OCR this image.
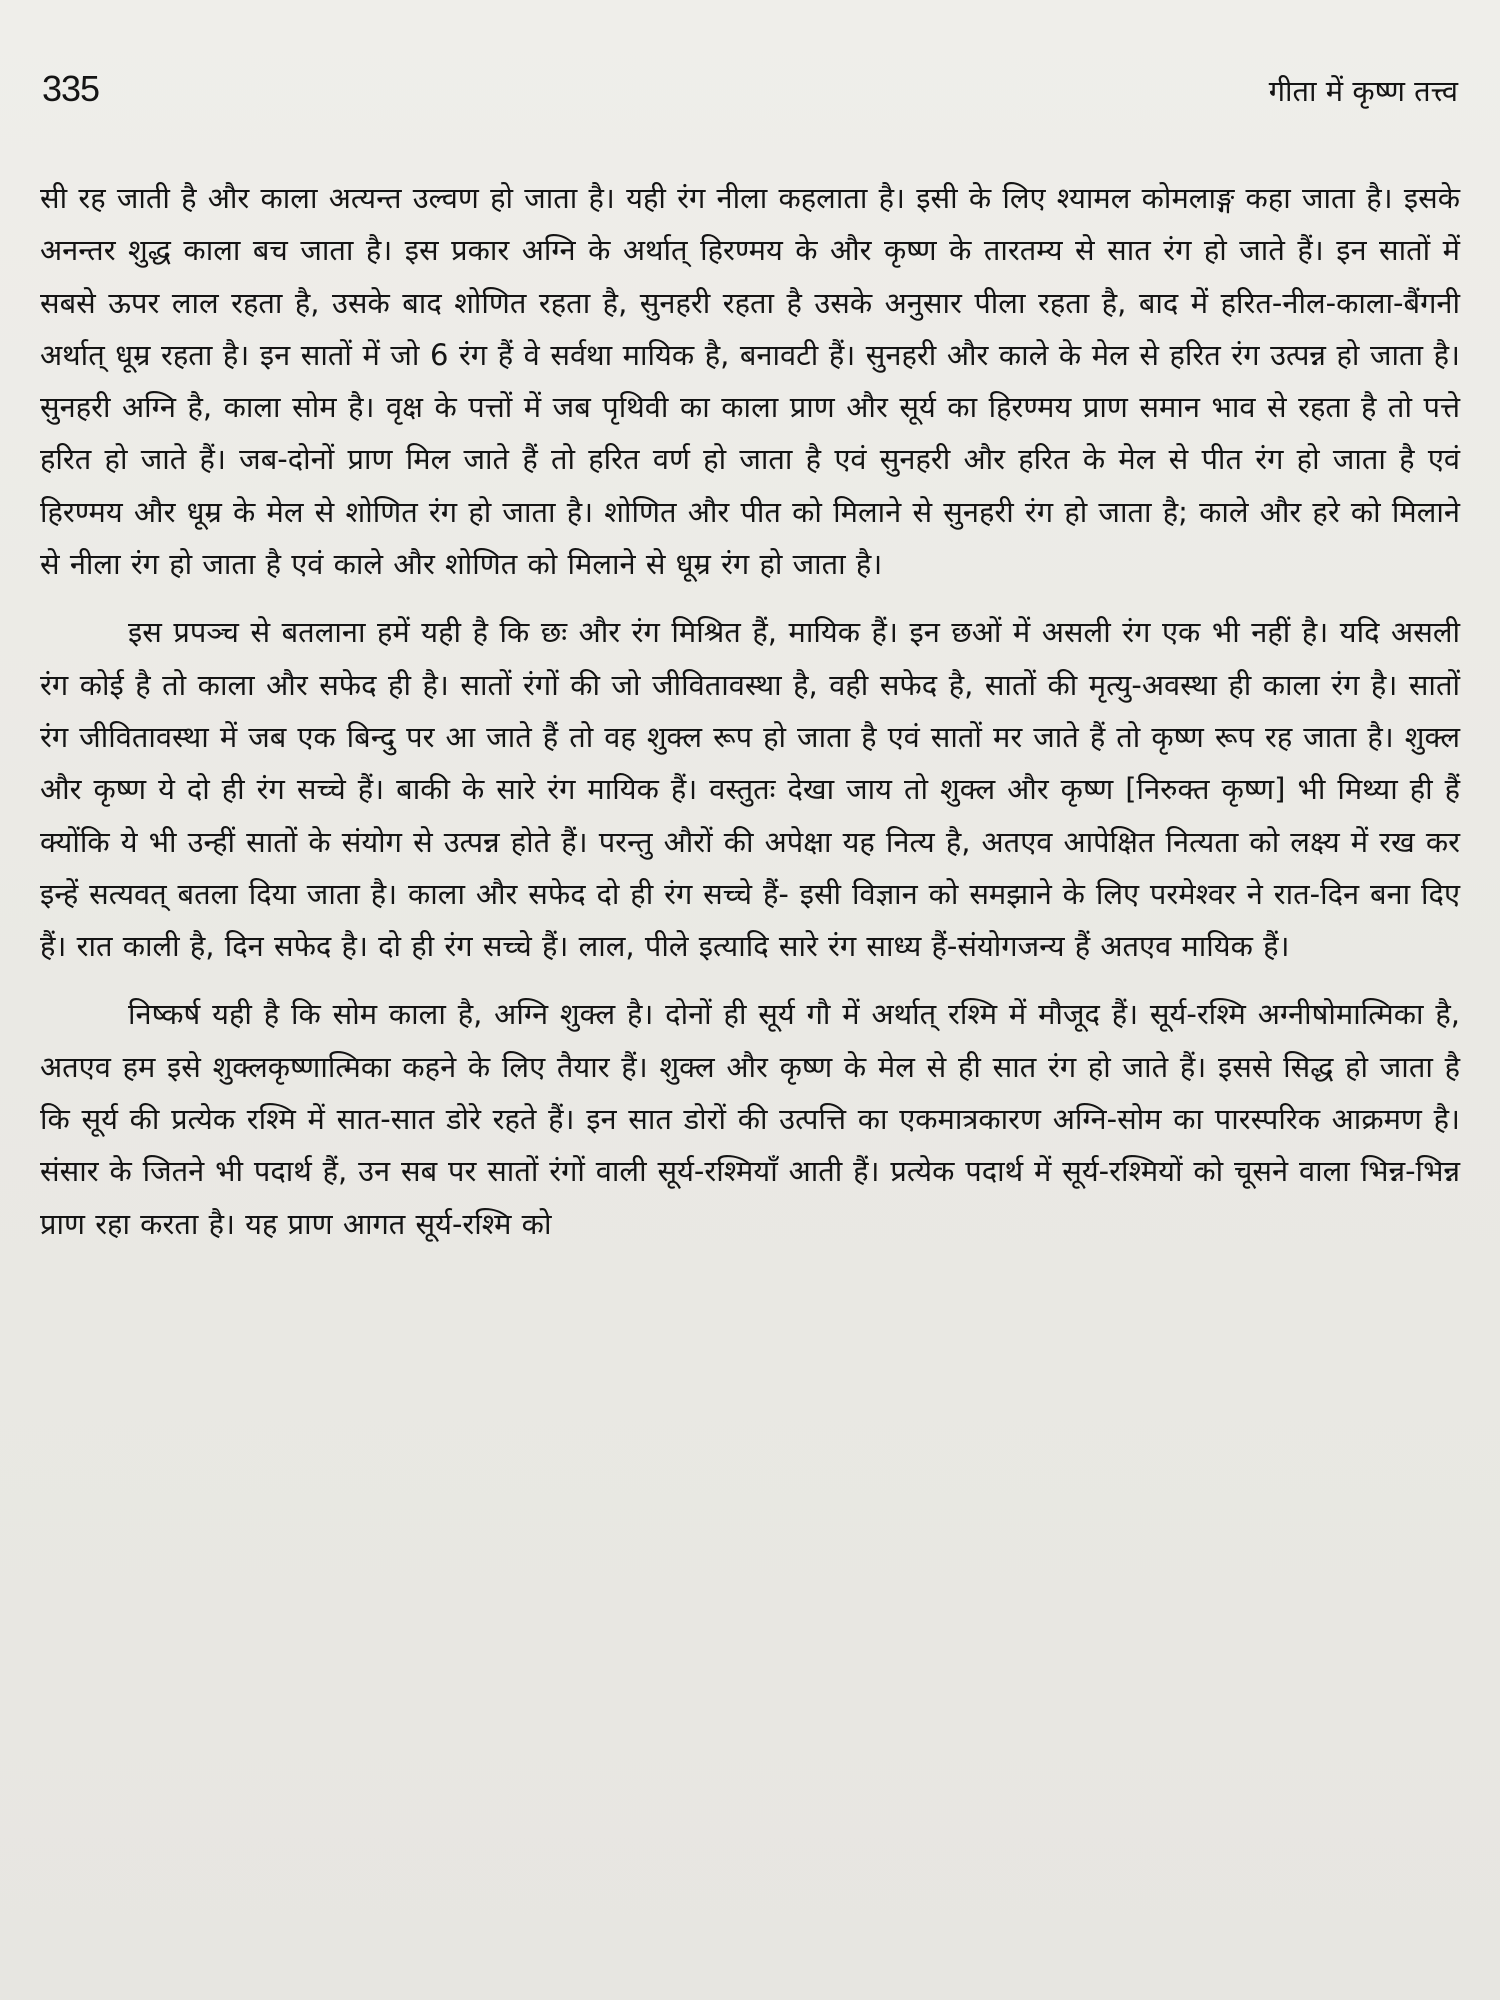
335	गीता में कृष्ण तत्त्व

सी रह जाती है और काला अत्यन्त उल्वण हो जाता है। यही रंग नीला कहलाता है। इसी के लिए श्यामल कोमलाङ्ग कहा जाता है। इसके अनन्तर शुद्ध काला बच जाता है। इस प्रकार अग्नि के अर्थात् हिरण्मय के और कृष्ण के तारतम्य से सात रंग हो जाते हैं। इन सातों में सबसे ऊपर लाल रहता है, उसके बाद शोणित रहता है, सुनहरी रहता है उसके अनुसार पीला रहता है, बाद में हरित-नील-काला-बैंगनी अर्थात् धूम्र रहता है। इन सातों में जो 6 रंग हैं वे सर्वथा मायिक है, बनावटी हैं। सुनहरी और काले के मेल से हरित रंग उत्पन्न हो जाता है। सुनहरी अग्नि है, काला सोम है। वृक्ष के पत्तों में जब पृथिवी का काला प्राण और सूर्य का हिरण्मय प्राण समान भाव से रहता है तो पत्ते हरित हो जाते हैं। जब-दोनों प्राण मिल जाते हैं तो हरित वर्ण हो जाता है एवं सुनहरी और हरित के मेल से पीत रंग हो जाता है एवं हिरण्मय और धूम्र के मेल से शोणित रंग हो जाता है। शोणित और पीत को मिलाने से सुनहरी रंग हो जाता है; काले और हरे को मिलाने से नीला रंग हो जाता है एवं काले और शोणित को मिलाने से धूम्र रंग हो जाता है।

इस प्रपञ्च से बतलाना हमें यही है कि छः और रंग मिश्रित हैं, मायिक हैं। इन छओं में असली रंग एक भी नहीं है। यदि असली रंग कोई है तो काला और सफेद ही है। सातों रंगों की जो जीवितावस्था है, वही सफेद है, सातों की मृत्यु-अवस्था ही काला रंग है। सातों रंग जीवितावस्था में जब एक बिन्दु पर आ जाते हैं तो वह शुक्ल रूप हो जाता है एवं सातों मर जाते हैं तो कृष्ण रूप रह जाता है। शुक्ल और कृष्ण ये दो ही रंग सच्चे हैं। बाकी के सारे रंग मायिक हैं। वस्तुतः देखा जाय तो शुक्ल और कृष्ण [निरुक्त कृष्ण] भी मिथ्या ही हैं क्योंकि ये भी उन्हीं सातों के संयोग से उत्पन्न होते हैं। परन्तु औरों की अपेक्षा यह नित्य है, अतएव आपेक्षित नित्यता को लक्ष्य में रख कर इन्हें सत्यवत् बतला दिया जाता है। काला और सफेद दो ही रंग सच्चे हैं- इसी विज्ञान को समझाने के लिए परमेश्वर ने रात-दिन बना दिए हैं। रात काली है, दिन सफेद है। दो ही रंग सच्चे हैं। लाल, पीले इत्यादि सारे रंग साध्य हैं-संयोगजन्य हैं अतएव मायिक हैं।

निष्कर्ष यही है कि सोम काला है, अग्नि शुक्ल है। दोनों ही सूर्य गौ में अर्थात् रश्मि में मौजूद हैं। सूर्य-रश्मि अग्नीषोमात्मिका है, अतएव हम इसे शुक्लकृष्णात्मिका कहने के लिए तैयार हैं। शुक्ल और कृष्ण के मेल से ही सात रंग हो जाते हैं। इससे सिद्ध हो जाता है कि सूर्य की प्रत्येक रश्मि में सात-सात डोरे रहते हैं। इन सात डोरों की उत्पत्ति का एकमात्रकारण अग्नि-सोम का पारस्परिक आक्रमण है। संसार के जितने भी पदार्थ हैं, उन सब पर सातों रंगों वाली सूर्य-रश्मियाँ आती हैं। प्रत्येक पदार्थ में सूर्य-रश्मियों को चूसने वाला भिन्न-भिन्न प्राण रहा करता है। यह प्राण आगत सूर्य-रश्मि को
